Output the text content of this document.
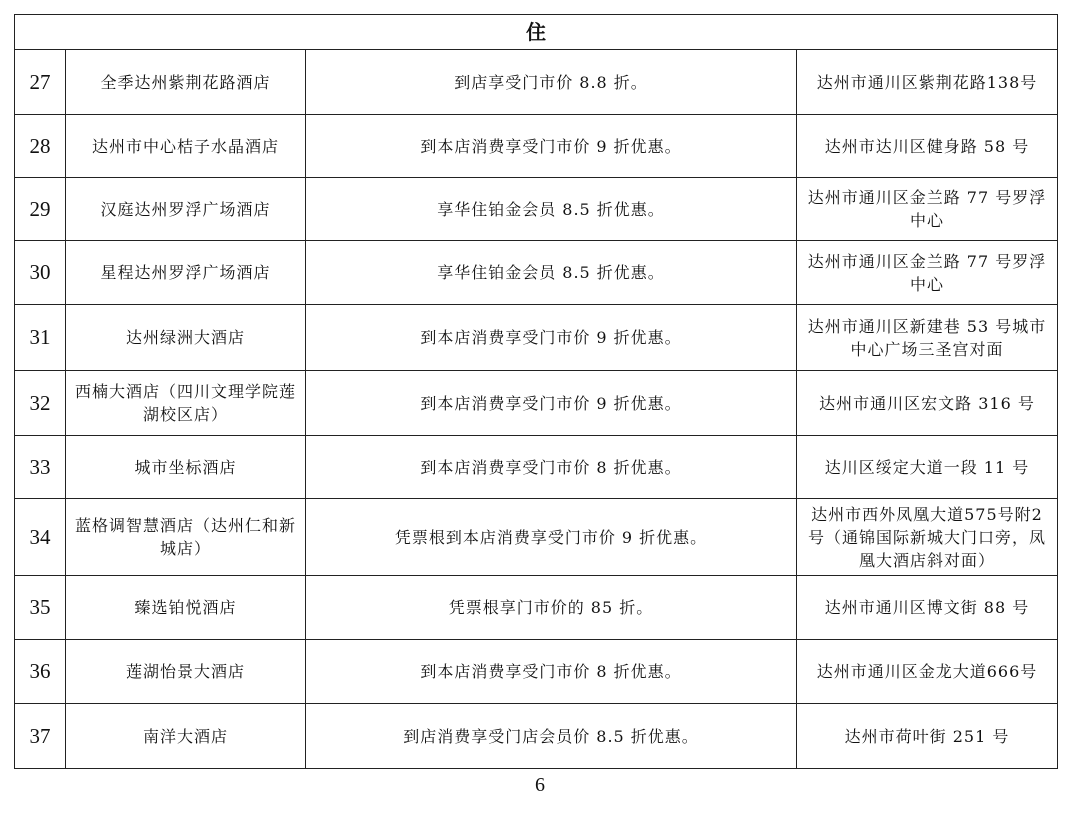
住			
27	全季达州紫荆花路酒店	到店享受门市价 8.8 折。	达州市通川区紫荆花路138号
28	达州市中心桔子水晶酒店	到本店消费享受门市价 9 折优惠。	达州市达川区健身路 58 号
29	汉庭达州罗浮广场酒店	享华住铂金会员 8.5 折优惠。	达州市通川区金兰路 77 号罗浮中心
30	星程达州罗浮广场酒店	享华住铂金会员 8.5 折优惠。	达州市通川区金兰路 77 号罗浮中心
31	达州绿洲大酒店	到本店消费享受门市价 9 折优惠。	达州市通川区新建巷 53 号城市中心广场三圣宫对面
32	西楠大酒店（四川文理学院莲湖校区店）	到本店消费享受门市价 9 折优惠。	达州市通川区宏文路 316 号
33	城市坐标酒店	到本店消费享受门市价 8 折优惠。	达川区绥定大道一段 11 号
34	蓝格调智慧酒店（达州仁和新城店）	凭票根到本店消费享受门市价 9 折优惠。	达州市西外凤凰大道575号附2号（通锦国际新城大门口旁，凤凰大酒店斜对面）
35	臻选铂悦酒店	凭票根享门市价的 85 折。	达州市通川区博文街 88 号
36	莲湖怡景大酒店	到本店消费享受门市价 8 折优惠。	达州市通川区金龙大道666号
37	南洋大酒店	到店消费享受门店会员价 8.5 折优惠。	达州市荷叶街 251 号
6
